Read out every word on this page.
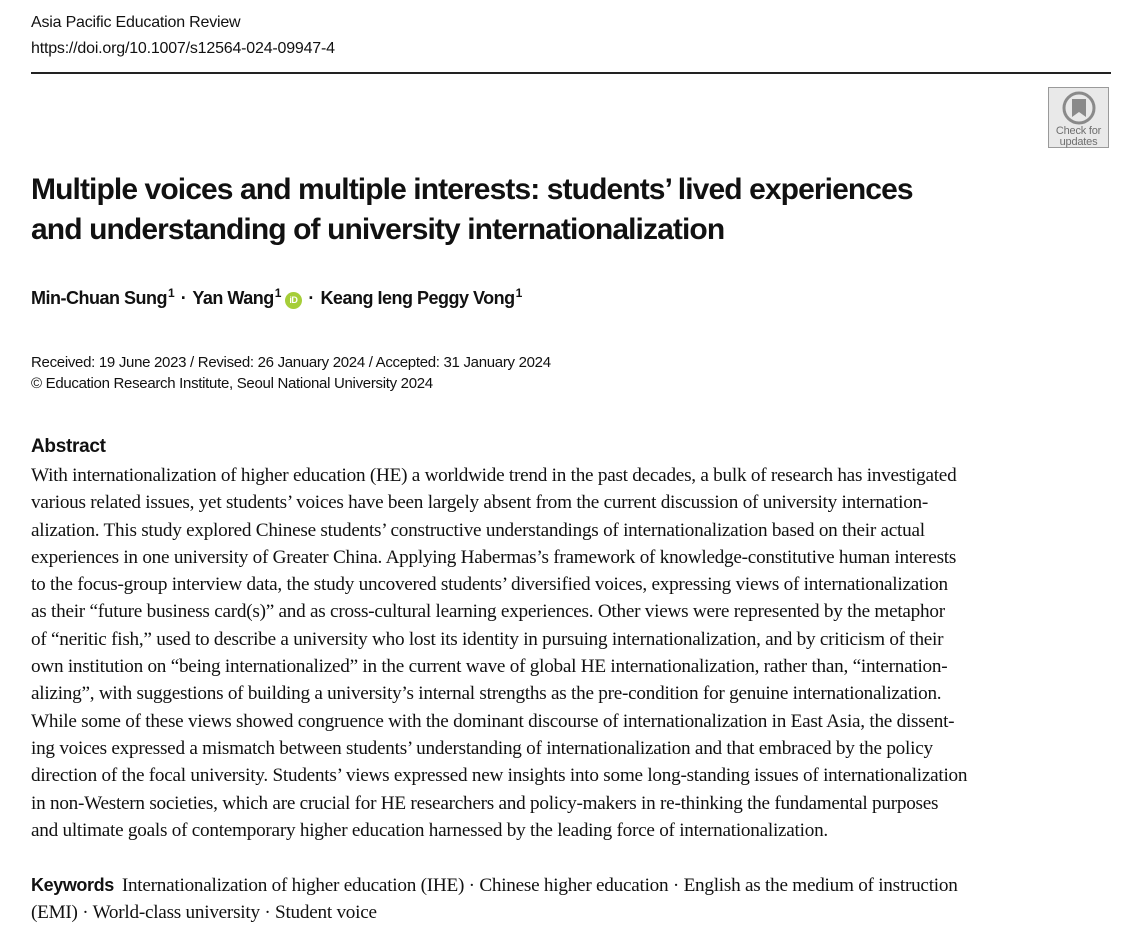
Asia Pacific Education Review
https://doi.org/10.1007/s12564-024-09947-4
Check for
updates
Multiple voices and multiple interests: students’ lived experiences
and understanding of university internationalization
Min-Chuan Sung$^1$ · Yan Wang$^1$ iD · Keang Ieng Peggy Vong$^1$
Received: 19 June 2023 / Revised: 26 January 2024 / Accepted: 31 January 2024
© Education Research Institute, Seoul National University 2024
Abstract
With internationalization of higher education (HE) a worldwide trend in the past decades, a bulk of research has investigated
various related issues, yet students’ voices have been largely absent from the current discussion of university internation-
alization. This study explored Chinese students’ constructive understandings of internationalization based on their actual
experiences in one university of Greater China. Applying Habermas’s framework of knowledge-constitutive human interests
to the focus-group interview data, the study uncovered students’ diversified voices, expressing views of internationalization
as their “future business card(s)” and as cross-cultural learning experiences. Other views were represented by the metaphor
of “neritic fish,” used to describe a university who lost its identity in pursuing internationalization, and by criticism of their
own institution on “being internationalized” in the current wave of global HE internationalization, rather than, “internation-
alizing”, with suggestions of building a university’s internal strengths as the pre-condition for genuine internationalization.
While some of these views showed congruence with the dominant discourse of internationalization in East Asia, the dissent-
ing voices expressed a mismatch between students’ understanding of internationalization and that embraced by the policy
direction of the focal university. Students’ views expressed new insights into some long-standing issues of internationalization
in non-Western societies, which are crucial for HE researchers and policy-makers in re-thinking the fundamental purposes
and ultimate goals of contemporary higher education harnessed by the leading force of internationalization.
Keywords Internationalization of higher education (IHE) · Chinese higher education · English as the medium of instruction
(EMI) · World-class university · Student voice
